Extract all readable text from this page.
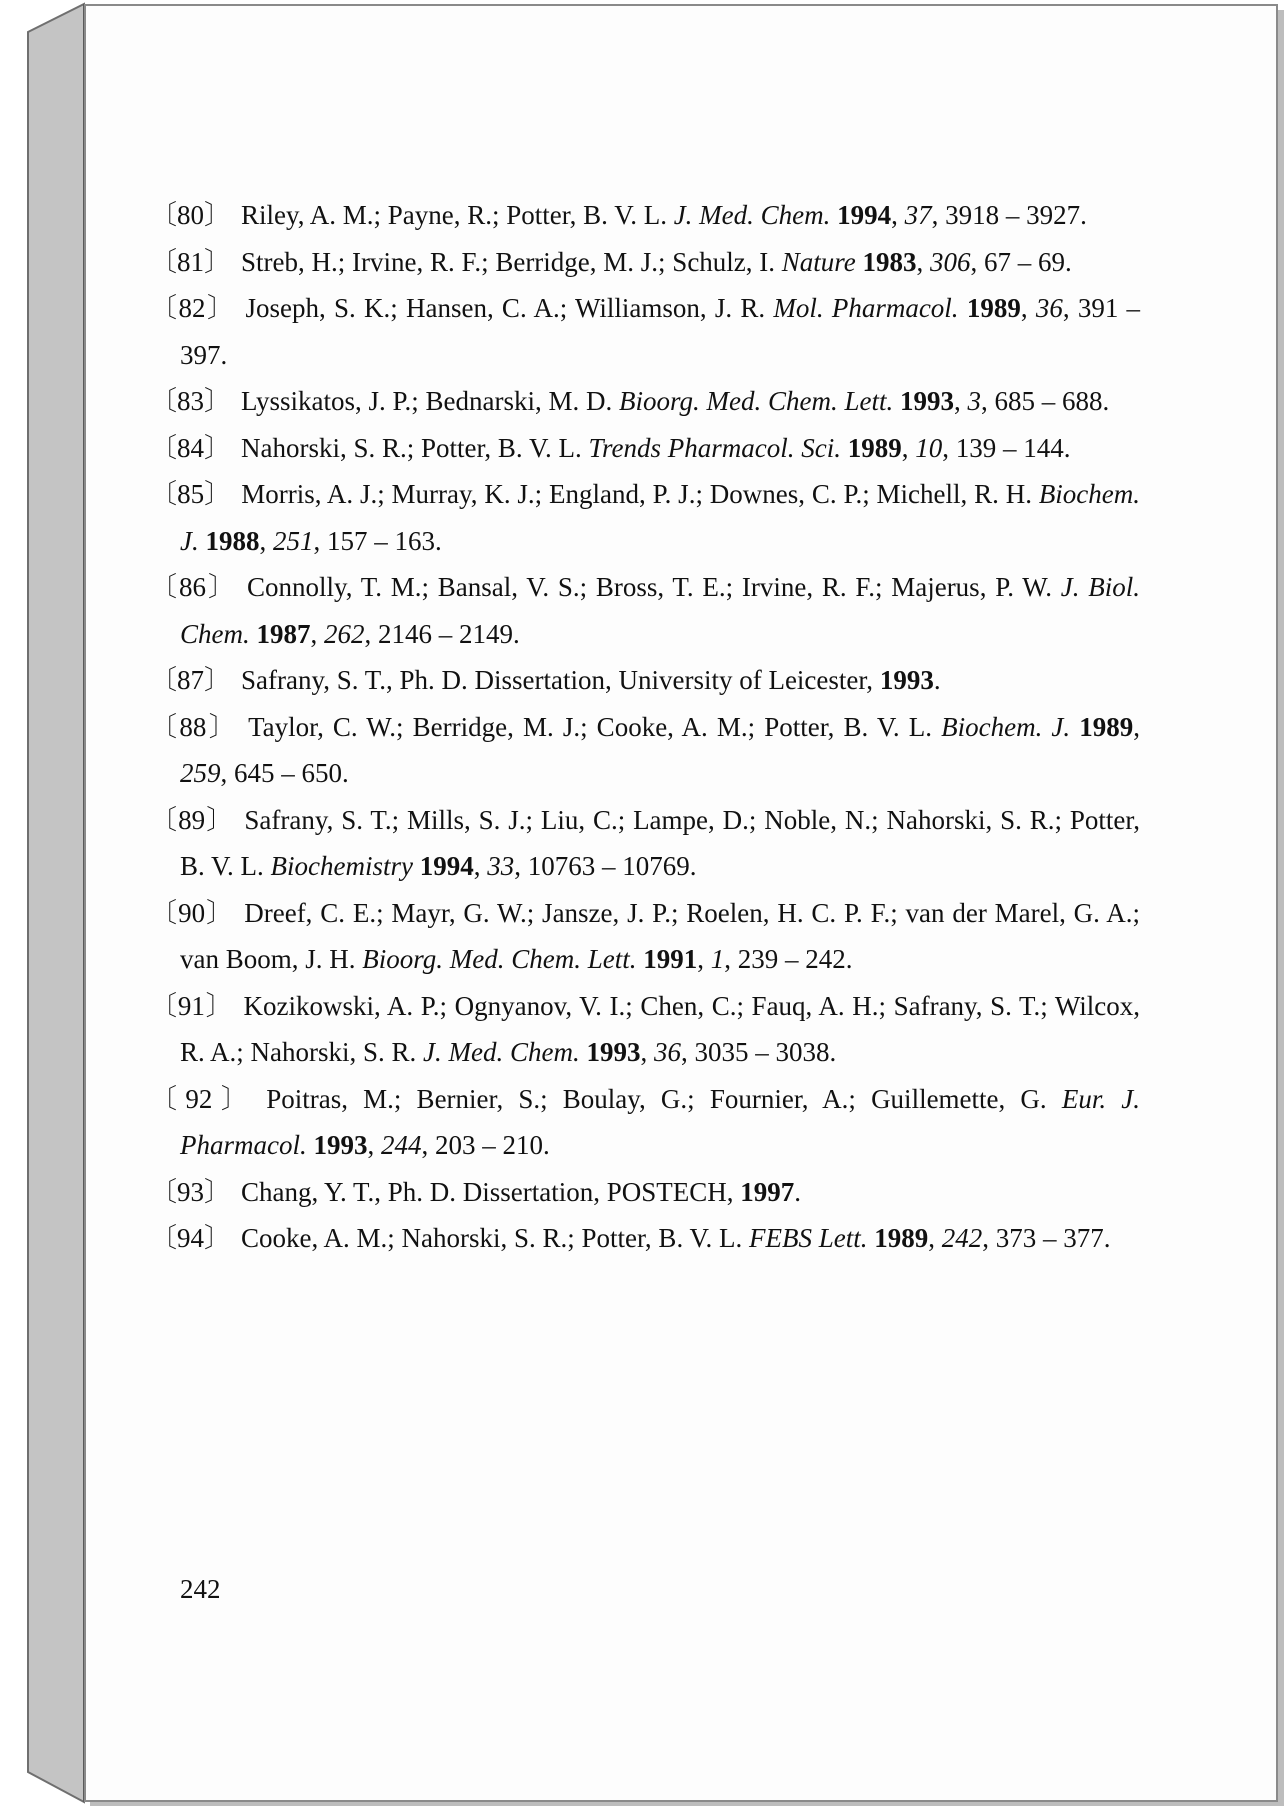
〔80〕 Riley, A. M.; Payne, R.; Potter, B. V. L. J. Med. Chem. 1994, 37, 3918 – 3927.
〔81〕 Streb, H.; Irvine, R. F.; Berridge, M. J.; Schulz, I. Nature 1983, 306, 67 – 69.
〔82〕 Joseph, S. K.; Hansen, C. A.; Williamson, J. R. Mol. Pharmacol. 1989, 36, 391 – 397.
〔83〕 Lyssikatos, J. P.; Bednarski, M. D. Bioorg. Med. Chem. Lett. 1993, 3, 685 – 688.
〔84〕 Nahorski, S. R.; Potter, B. V. L. Trends Pharmacol. Sci. 1989, 10, 139 – 144.
〔85〕 Morris, A. J.; Murray, K. J.; England, P. J.; Downes, C. P.; Michell, R. H. Biochem. J. 1988, 251, 157 – 163.
〔86〕 Connolly, T. M.; Bansal, V. S.; Bross, T. E.; Irvine, R. F.; Majerus, P. W. J. Biol. Chem. 1987, 262, 2146 – 2149.
〔87〕 Safrany, S. T., Ph. D. Dissertation, University of Leicester, 1993.
〔88〕 Taylor, C. W.; Berridge, M. J.; Cooke, A. M.; Potter, B. V. L. Biochem. J. 1989, 259, 645 – 650.
〔89〕 Safrany, S. T.; Mills, S. J.; Liu, C.; Lampe, D.; Noble, N.; Nahorski, S. R.; Potter, B. V. L. Biochemistry 1994, 33, 10763 – 10769.
〔90〕 Dreef, C. E.; Mayr, G. W.; Jansze, J. P.; Roelen, H. C. P. F.; van der Marel, G. A.; van Boom, J. H. Bioorg. Med. Chem. Lett. 1991, 1, 239 – 242.
〔91〕 Kozikowski, A. P.; Ognyanov, V. I.; Chen, C.; Fauq, A. H.; Safrany, S. T.; Wilcox, R. A.; Nahorski, S. R. J. Med. Chem. 1993, 36, 3035 – 3038.
〔92〕 Poitras, M.; Bernier, S.; Boulay, G.; Fournier, A.; Guillemette, G. Eur. J. Pharmacol. 1993, 244, 203 – 210.
〔93〕 Chang, Y. T., Ph. D. Dissertation, POSTECH, 1997.
〔94〕 Cooke, A. M.; Nahorski, S. R.; Potter, B. V. L. FEBS Lett. 1989, 242, 373 – 377.
242
